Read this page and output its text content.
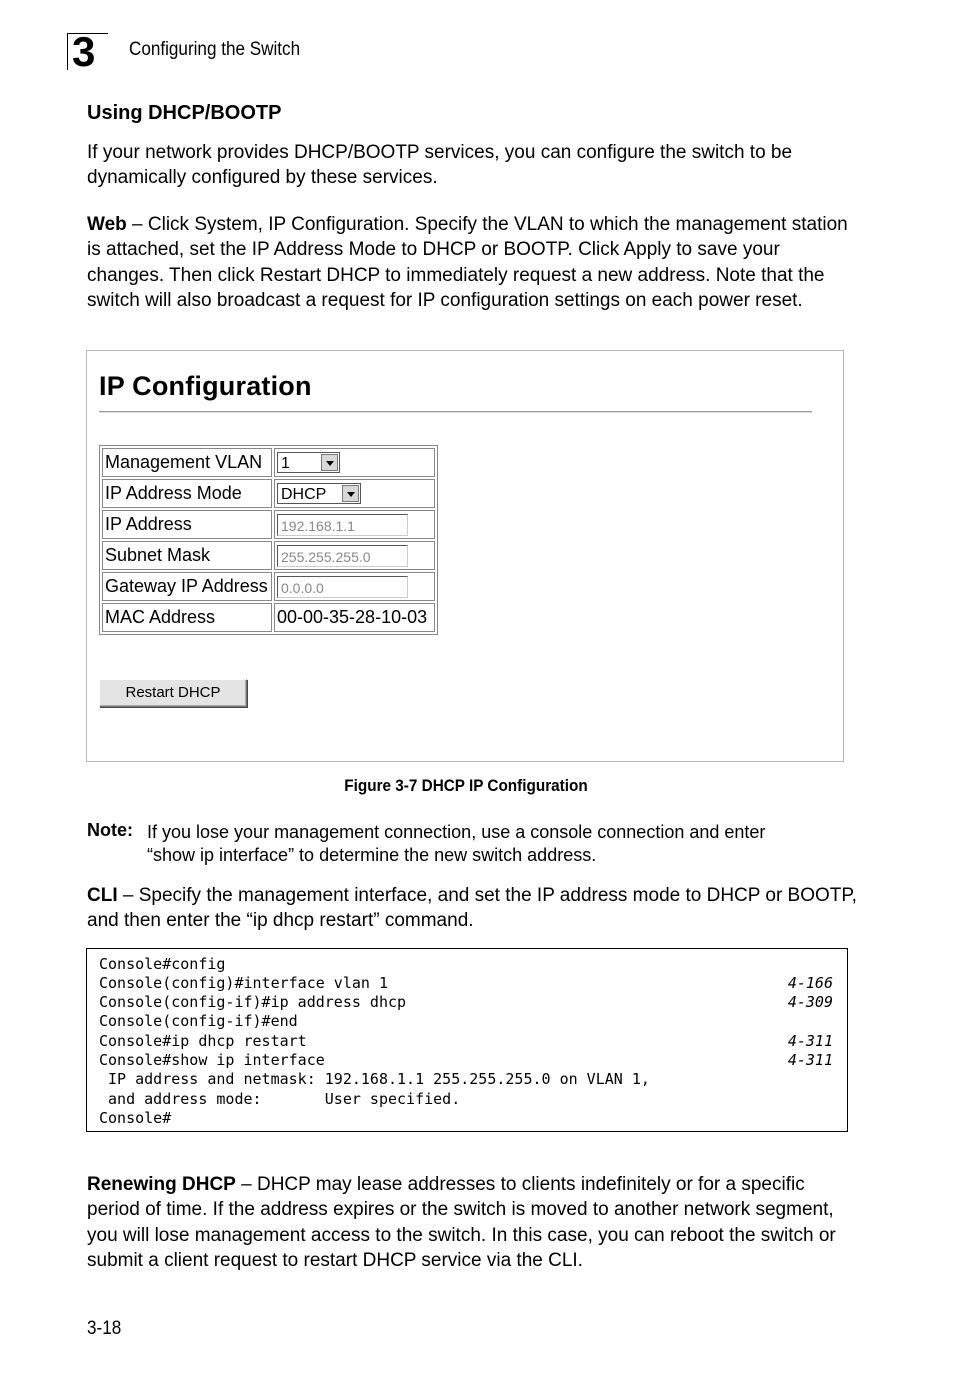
3 Configuring the Switch
Using DHCP/BOOTP

If your network provides DHCP/BOOTP services, you can configure the switch to be dynamically configured by these services.

Web – Click System, IP Configuration. Specify the VLAN to which the management station is attached, set the IP Address Mode to DHCP or BOOTP. Click Apply to save your changes. Then click Restart DHCP to immediately request a new address. Note that the switch will also broadcast a request for IP configuration settings on each power reset.

IP Configuration
Management VLAN	1

IP Address Mode	DHCP

IP Address	192.168.1.1
Subnet Mask	255.255.255.0
Gateway IP Address	0.0.0.0
MAC Address	00-00-35-28-10-03
Restart DHCP
Figure 3-7 DHCP IP Configuration
Note: If you lose your management connection, use a console connection and enter
“show ip interface” to determine the new switch address.

CLI – Specify the management interface, and set the IP address mode to DHCP or BOOTP, and then enter the “ip dhcp restart” command.

Console#config
Console(config)#interface vlan 1	4-166
Console(config-if)#ip address dhcp	4-309
Console(config-if)#end
Console#ip dhcp restart	4-311
Console#show ip interface	4-311
IP address and netmask: 192.168.1.1 255.255.255.0 on VLAN 1,
and address mode:       User specified.
Console#

Renewing DHCP – DHCP may lease addresses to clients indefinitely or for a specific period of time. If the address expires or the switch is moved to another network segment, you will lose management access to the switch. In this case, you can reboot the switch or submit a client request to restart DHCP service via the CLI.

3-18
